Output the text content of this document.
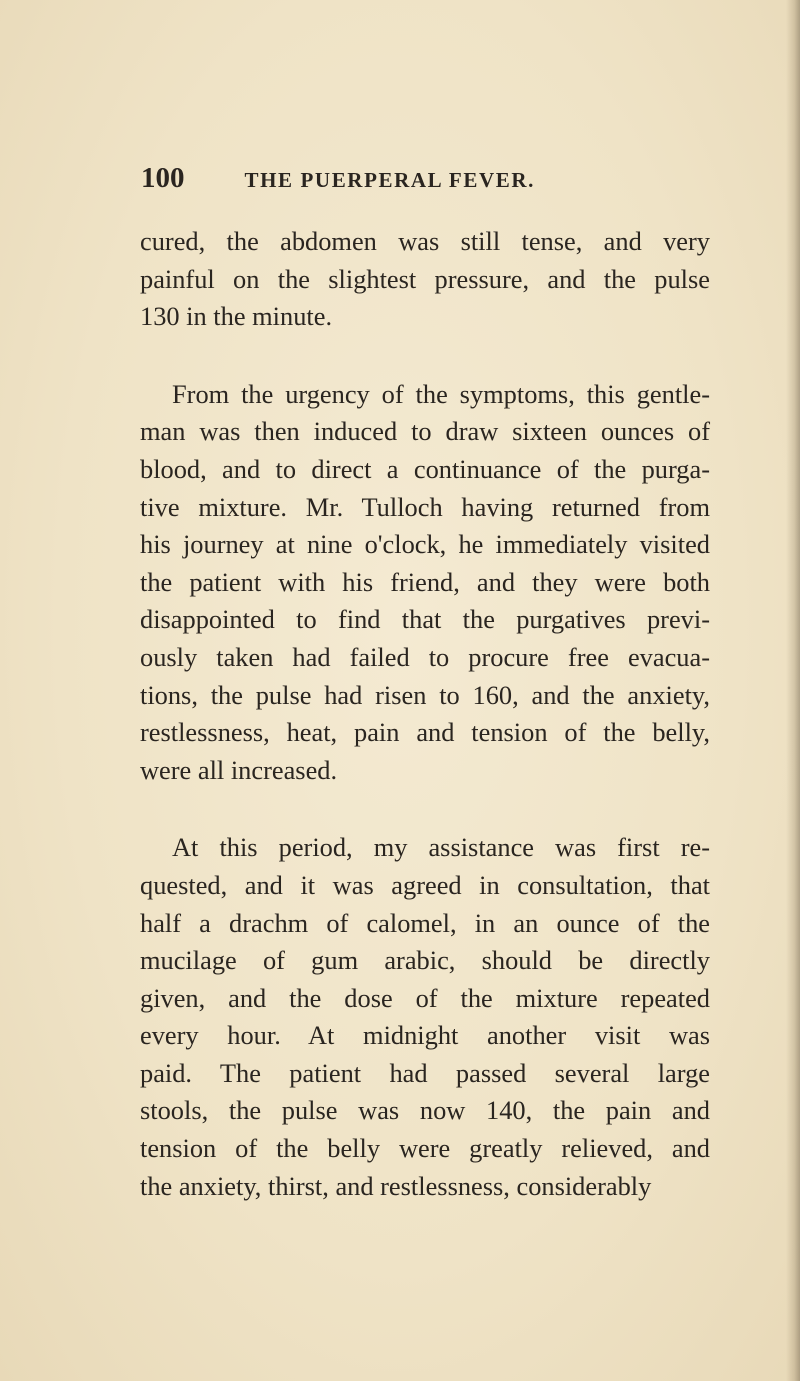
100	THE PUERPERAL FEVER.
cured, the abdomen was still tense, and very
painful on the slightest pressure, and the pulse
130 in the minute.
From the urgency of the symptoms, this gentle-
man was then induced to draw sixteen ounces of
blood, and to direct a continuance of the purga-
tive mixture. Mr. Tulloch having returned from
his journey at nine o'clock, he immediately visited
the patient with his friend, and they were both
disappointed to find that the purgatives previ-
ously taken had failed to procure free evacua-
tions, the pulse had risen to 160, and the anxiety,
restlessness, heat, pain and tension of the belly,
were all increased.
At this period, my assistance was first re-
quested, and it was agreed in consultation, that
half a drachm of calomel, in an ounce of the
mucilage of gum arabic, should be directly
given, and the dose of the mixture repeated
every hour. At midnight another visit was
paid. The patient had passed several large
stools, the pulse was now 140, the pain and
tension of the belly were greatly relieved, and
the anxiety, thirst, and restlessness, considerably
